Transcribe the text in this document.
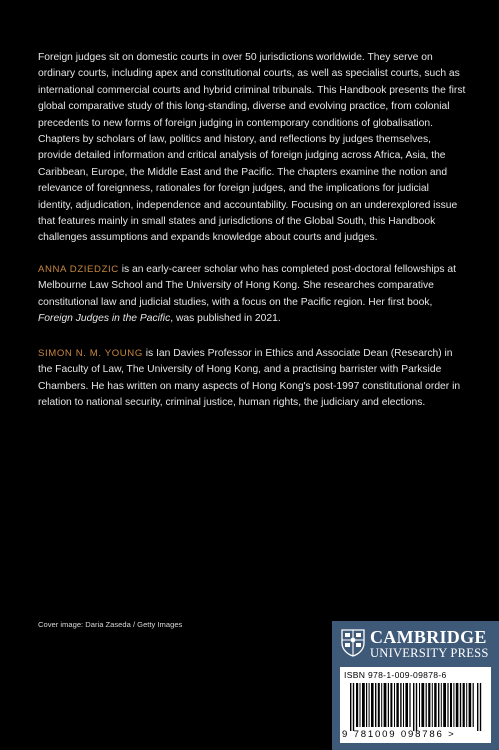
Foreign judges sit on domestic courts in over 50 jurisdictions worldwide. They serve on ordinary courts, including apex and constitutional courts, as well as specialist courts, such as international commercial courts and hybrid criminal tribunals. This Handbook presents the first global comparative study of this long-standing, diverse and evolving practice, from colonial precedents to new forms of foreign judging in contemporary conditions of globalisation. Chapters by scholars of law, politics and history, and reflections by judges themselves, provide detailed information and critical analysis of foreign judging across Africa, Asia, the Caribbean, Europe, the Middle East and the Pacific. The chapters examine the notion and relevance of foreignness, rationales for foreign judges, and the implications for judicial identity, adjudication, independence and accountability. Focusing on an underexplored issue that features mainly in small states and jurisdictions of the Global South, this Handbook challenges assumptions and expands knowledge about courts and judges.

ANNA DZIEDZIC is an early-career scholar who has completed post-doctoral fellowships at Melbourne Law School and The University of Hong Kong. She researches comparative constitutional law and judicial studies, with a focus on the Pacific region. Her first book, Foreign Judges in the Pacific, was published in 2021.

SIMON N. M. YOUNG is Ian Davies Professor in Ethics and Associate Dean (Research) in the Faculty of Law, The University of Hong Kong, and a practising barrister with Parkside Chambers. He has written on many aspects of Hong Kong's post-1997 constitutional order in relation to national security, criminal justice, human rights, the judiciary and elections.

Cover image: Daria Zaseda / Getty Images

CAMBRIDGE
UNIVERSITY PRESS
ISBN 978-1-009-09878-6
9 781009 098786 >
